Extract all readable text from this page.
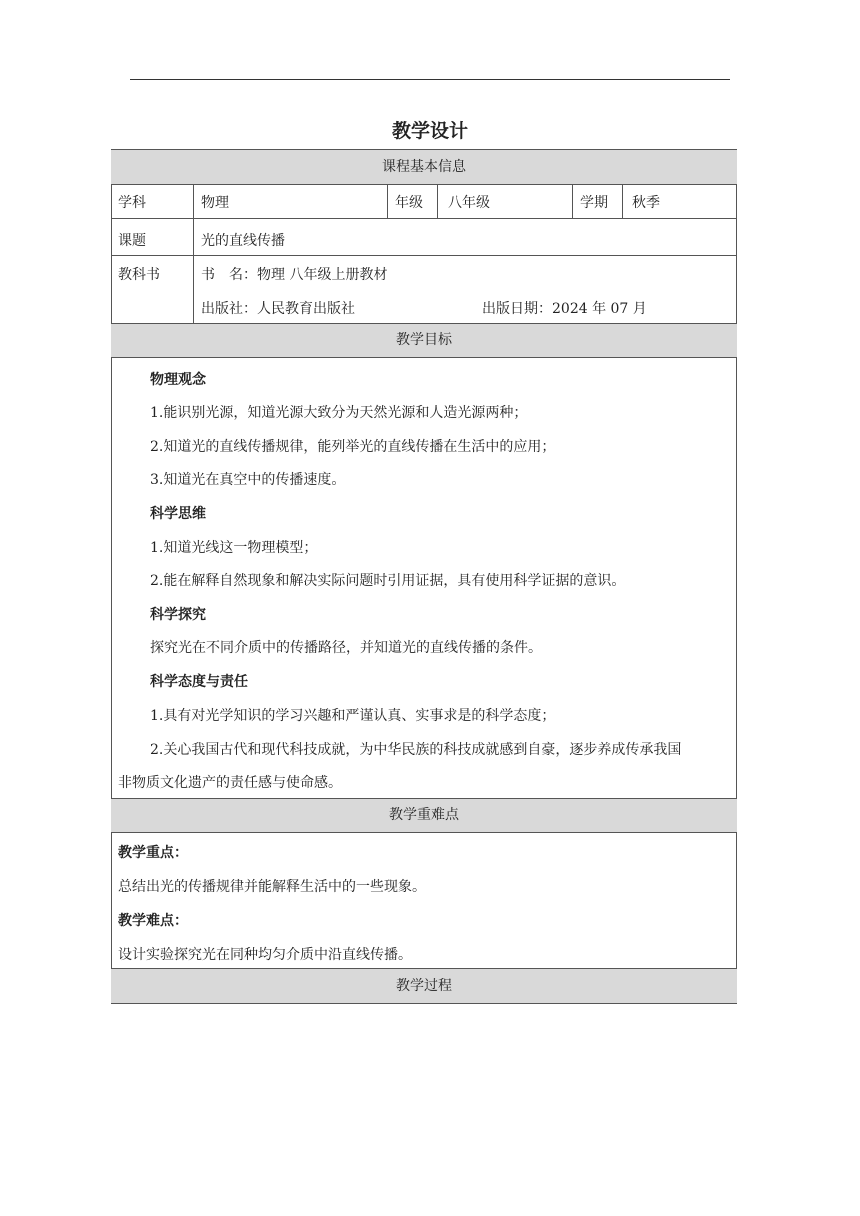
教学设计
课程基本信息
学科	物理	年级 八年级	学期 秋季
课题	光的直线传播
教科书	书　名：物理 八年级上册教材
出版社：人民教育出版社	出版日期：2024 年 07 月
教学目标
物理观念
1.能识别光源，知道光源大致分为天然光源和人造光源两种；
2.知道光的直线传播规律，能列举光的直线传播在生活中的应用；
3.知道光在真空中的传播速度。
科学思维
1.知道光线这一物理模型；
2.能在解释自然现象和解决实际问题时引用证据，具有使用科学证据的意识。
科学探究
探究光在不同介质中的传播路径，并知道光的直线传播的条件。
科学态度与责任
1.具有对光学知识的学习兴趣和严谨认真、实事求是的科学态度；
2.关心我国古代和现代科技成就，为中华民族的科技成就感到自豪，逐步养成传承我国
非物质文化遗产的责任感与使命感。
教学重难点
教学重点：
总结出光的传播规律并能解释生活中的一些现象。
教学难点：
设计实验探究光在同种均匀介质中沿直线传播。
教学过程
